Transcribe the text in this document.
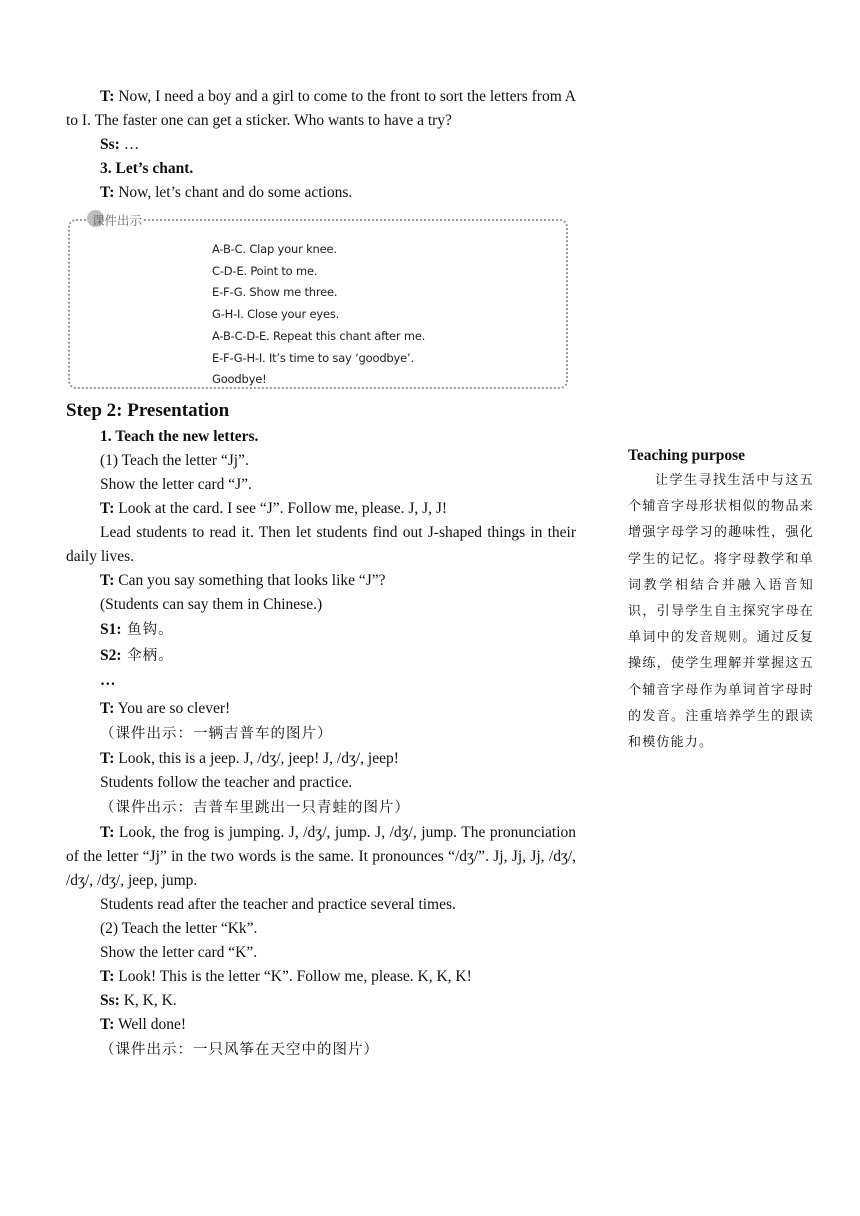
T: Now, I need a boy and a girl to come to the front to sort the letters from A to I. The faster one can get a sticker. Who wants to have a try?

Ss: …

3. Let’s chant.

T: Now, let’s chant and do some actions.

课件出示
A-B-C. Clap your knee.
C-D-E. Point to me.
E-F-G. Show me three.
G-H-I. Close your eyes.
A-B-C-D-E. Repeat this chant after me.
E-F-G-H-I. It’s time to say ‘goodbye’.
Goodbye!

Step 2: Presentation

1. Teach the new letters.

(1) Teach the letter “Jj”.

Show the letter card “J”.

T: Look at the card. I see “J”. Follow me, please. J, J, J!

Lead students to read it. Then let students find out J-shaped things in their daily lives.

T: Can you say something that looks like “J”?

(Students can say them in Chinese.)

S1: 鱼钩。

S2: 伞柄。

…

T: You are so clever!

（课件出示：一辆吉普车的图片）

T: Look, this is a jeep. J, /dʒ/, jeep! J, /dʒ/, jeep!

Students follow the teacher and practice.

（课件出示：吉普车里跳出一只青蛙的图片）

T: Look, the frog is jumping. J, /dʒ/, jump. J, /dʒ/, jump. The pronunciation of the letter “Jj” in the two words is the same. It pronounces “/dʒ/”. Jj, Jj, Jj, /dʒ/, /dʒ/, /dʒ/, jeep, jump.

Students read after the teacher and practice several times.

(2) Teach the letter “Kk”.

Show the letter card “K”.

T: Look! This is the letter “K”. Follow me, please. K, K, K!

Ss: K, K, K.

T: Well done!

（课件出示：一只风筝在天空中的图片）

Teaching purpose

让学生寻找生活中与这五个辅音字母形状相似的物品来增强字母学习的趣味性，强化学生的记忆。将字母教学和单词教学相结合并融入语音知识，引导学生自主探究字母在单词中的发音规则。通过反复操练，使学生理解并掌握这五个辅音字母作为单词首字母时的发音。注重培养学生的跟读和模仿能力。
